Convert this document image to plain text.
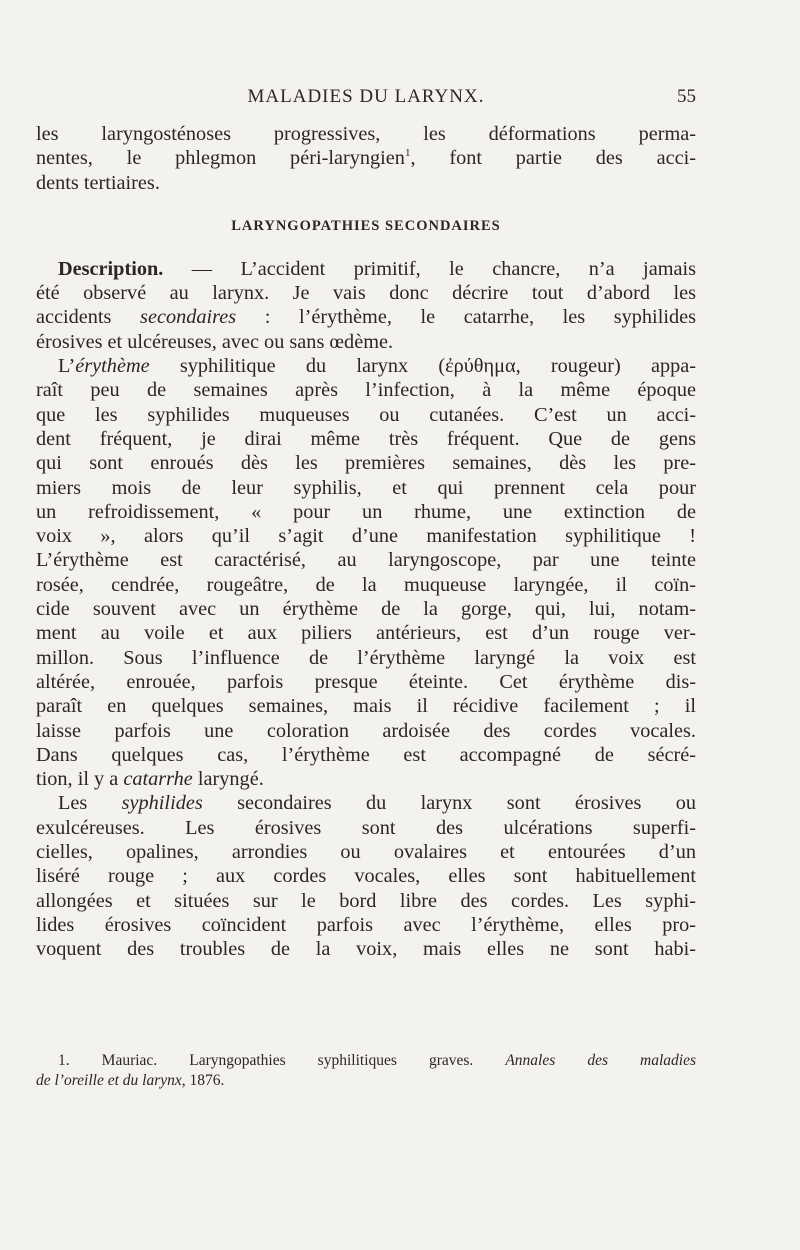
MALADIES DU LARYNX.	55
les laryngosténoses progressives, les déformations perma-
nentes, le phlegmon péri-laryngien$^1$, font partie des acci-
dents tertiaires.
LARYNGOPATHIES SECONDAIRES
Description. — L’accident primitif, le chancre, n’a jamais
été observé au larynx. Je vais donc décrire tout d’abord les
accidents secondaires : l’érythème, le catarrhe, les syphilides
érosives et ulcéreuses, avec ou sans œdème.
L’érythème syphilitique du larynx (ἐρύθημα, rougeur) appa-
raît peu de semaines après l’infection, à la même époque
que les syphilides muqueuses ou cutanées. C’est un acci-
dent fréquent, je dirai même très fréquent. Que de gens
qui sont enroués dès les premières semaines, dès les pre-
miers mois de leur syphilis, et qui prennent cela pour
un refroidissement, « pour un rhume, une extinction de
voix », alors qu’il s’agit d’une manifestation syphilitique !
L’érythème est caractérisé, au laryngoscope, par une teinte
rosée, cendrée, rougeâtre, de la muqueuse laryngée, il coïn-
cide souvent avec un érythème de la gorge, qui, lui, notam-
ment au voile et aux piliers antérieurs, est d’un rouge ver-
millon. Sous l’influence de l’érythème laryngé la voix est
altérée, enrouée, parfois presque éteinte. Cet érythème dis-
paraît en quelques semaines, mais il récidive facilement ; il
laisse parfois une coloration ardoisée des cordes vocales.
Dans quelques cas, l’érythème est accompagné de sécré-
tion, il y a catarrhe laryngé.
Les syphilides secondaires du larynx sont érosives ou
exulcéreuses. Les érosives sont des ulcérations superfi-
cielles, opalines, arrondies ou ovalaires et entourées d’un
liséré rouge ; aux cordes vocales, elles sont habituellement
allongées et situées sur le bord libre des cordes. Les syphi-
lides érosives coïncident parfois avec l’érythème, elles pro-
voquent des troubles de la voix, mais elles ne sont habi-
1. Mauriac. Laryngopathies syphilitiques graves. Annales des maladies
de l’oreille et du larynx, 1876.
